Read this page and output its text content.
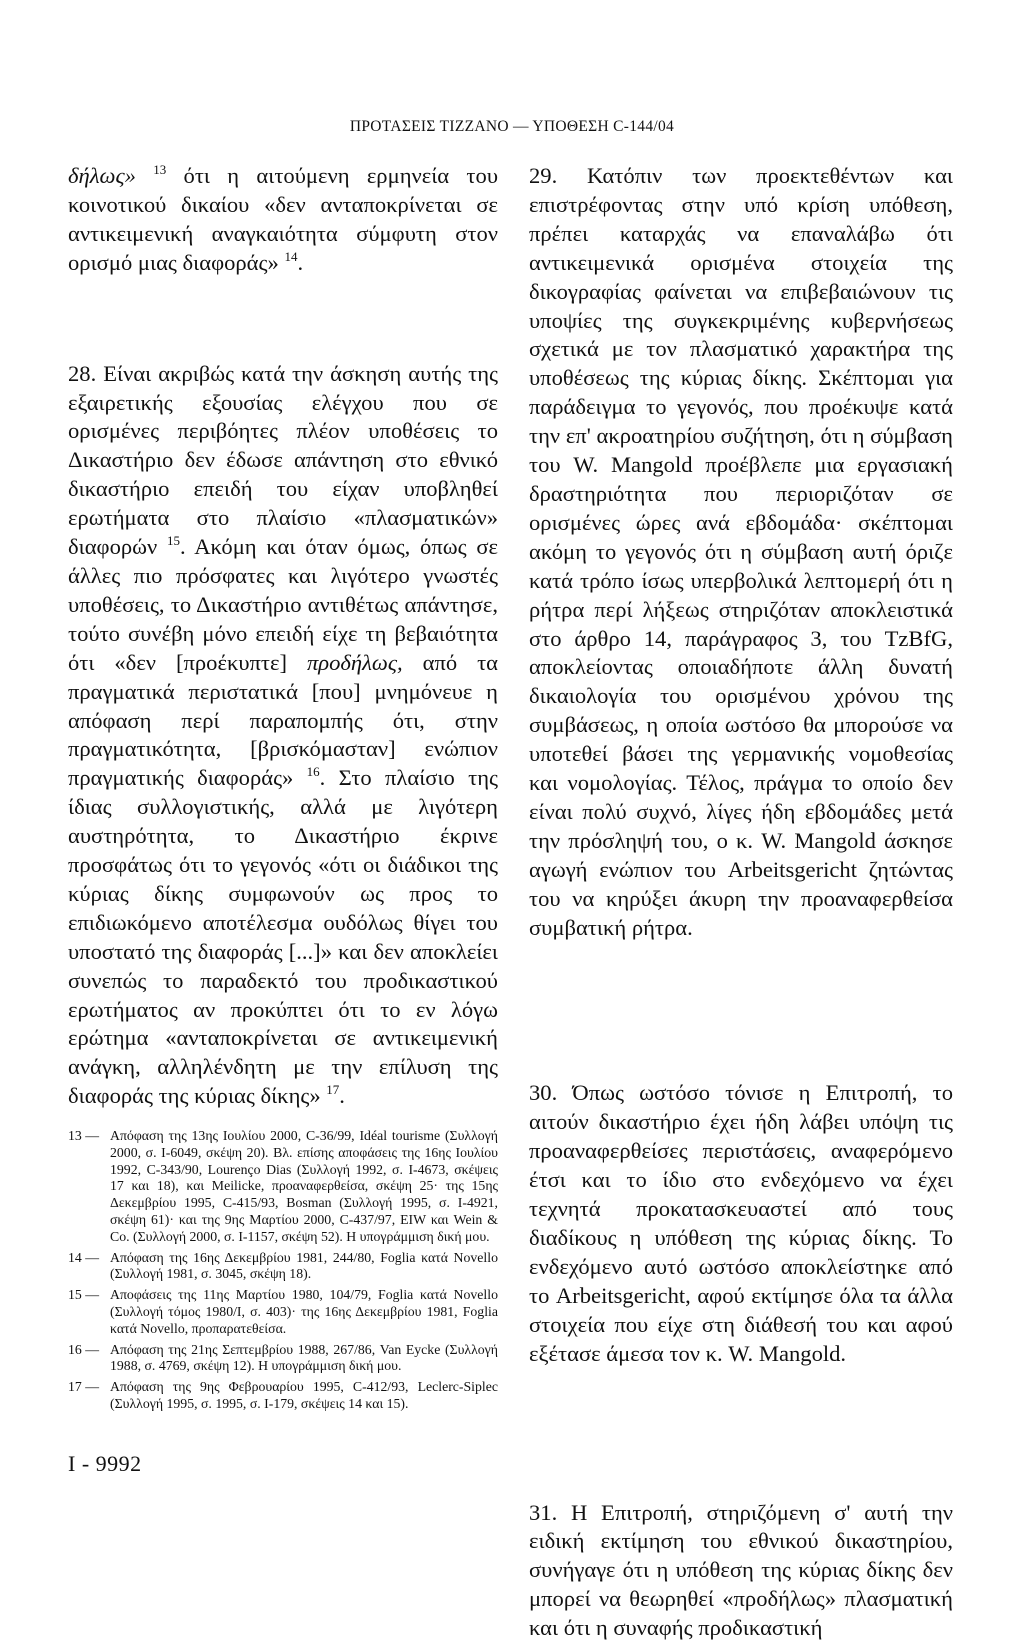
ΠΡΟΤΑΣΕΙΣ ΤΙΖΖΑΝΟ — ΥΠΟΘΕΣΗ C-144/04

δήλως» $^{13}$ ότι η αιτούμενη ερμηνεία του κοινοτικού δικαίου «δεν ανταποκρίνεται σε αντικειμενική αναγκαιότητα σύμφυτη στον ορισμό μιας διαφοράς» $^{14}$.

28. Είναι ακριβώς κατά την άσκηση αυτής της εξαιρετικής εξουσίας ελέγχου που σε ορισμένες περιβόητες πλέον υποθέσεις το Δικαστήριο δεν έδωσε απάντηση στο εθνικό δικαστήριο επειδή του είχαν υποβληθεί ερωτήματα στο πλαίσιο «πλασματικών» διαφορών $^{15}$. Ακόμη και όταν όμως, όπως σε άλλες πιο πρόσφατες και λιγότερο γνωστές υποθέσεις, το Δικαστήριο αντιθέτως απάντησε, τούτο συνέβη μόνο επειδή είχε τη βεβαιότητα ότι «δεν [προέκυπτε] προδήλως, από τα πραγματικά περιστατικά [που] μνημόνευε η απόφαση περί παραπομπής ότι, στην πραγματικότητα, [βρισκόμασταν] ενώπιον πραγματικής διαφοράς» $^{16}$. Στο πλαίσιο της ίδιας συλλογιστικής, αλλά με λιγότερη αυστηρότητα, το Δικαστήριο έκρινε προσφάτως ότι το γεγονός «ότι οι διάδικοι της κύριας δίκης συμφωνούν ως προς το επιδιωκόμενο αποτέλεσμα ουδόλως θίγει του υποστατό της διαφοράς [...]» και δεν αποκλείει συνεπώς το παραδεκτό του προδικαστικού ερωτήματος αν προκύπτει ότι το εν λόγω ερώτημα «ανταποκρίνεται σε αντικειμενική ανάγκη, αλληλένδητη με την επίλυση της διαφοράς της κύριας δίκης» $^{17}$.

29. Κατόπιν των προεκτεθέντων και επιστρέφοντας στην υπό κρίση υπόθεση, πρέπει καταρχάς να επαναλάβω ότι αντικειμενικά ορισμένα στοιχεία της δικογραφίας φαίνεται να επιβεβαιώνουν τις υποψίες της συγκεκριμένης κυβερνήσεως σχετικά με τον πλασματικό χαρακτήρα της υποθέσεως της κύριας δίκης. Σκέπτομαι για παράδειγμα το γεγονός, που προέκυψε κατά την επ' ακροατηρίου συζήτηση, ότι η σύμβαση του W. Mangold προέβλεπε μια εργασιακή δραστηριότητα που περιοριζόταν σε ορισμένες ώρες ανά εβδομάδα· σκέπτομαι ακόμη το γεγονός ότι η σύμβαση αυτή όριζε κατά τρόπο ίσως υπερβολικά λεπτομερή ότι η ρήτρα περί λήξεως στηριζόταν αποκλειστικά στο άρθρο 14, παράγραφος 3, του TzBfG, αποκλείοντας οποιαδήποτε άλλη δυνατή δικαιολογία του ορισμένου χρόνου της συμβάσεως, η οποία ωστόσο θα μπορούσε να υποτεθεί βάσει της γερμανικής νομοθεσίας και νομολογίας. Τέλος, πράγμα το οποίο δεν είναι πολύ συχνό, λίγες ήδη εβδομάδες μετά την πρόσληψή του, ο κ. W. Mangold άσκησε αγωγή ενώπιον του Arbeitsgericht ζητώντας του να κηρύξει άκυρη την προαναφερθείσα συμβατική ρήτρα.

30. Όπως ωστόσο τόνισε η Επιτροπή, το αιτούν δικαστήριο έχει ήδη λάβει υπόψη τις προαναφερθείσες περιστάσεις, αναφερόμενο έτσι και το ίδιο στο ενδεχόμενο να έχει τεχνητά προκατασκευαστεί από τους διαδίκους η υπόθεση της κύριας δίκης. Το ενδεχόμενο αυτό ωστόσο αποκλείστηκε από το Arbeitsgericht, αφού εκτίμησε όλα τα άλλα στοιχεία που είχε στη διάθεσή του και αφού εξέτασε άμεσα τον κ. W. Mangold.

31. Η Επιτροπή, στηριζόμενη σ' αυτή την ειδική εκτίμηση του εθνικού δικαστηρίου, συνήγαγε ότι η υπόθεση της κύριας δίκης δεν μπορεί να θεωρηθεί «προδήλως» πλασματική και ότι η συναφής προδικαστική

13 — Απόφαση της 13ης Ιουλίου 2000, C-36/99, Idéal tourisme (Συλλογή 2000, σ. I-6049, σκέψη 20). Βλ. επίσης αποφάσεις της 16ης Ιουλίου 1992, C-343/90, Lourenço Dias (Συλλογή 1992, σ. I-4673, σκέψεις 17 και 18), και Meilicke, προαναφερθείσα, σκέψη 25· της 15ης Δεκεμβρίου 1995, C-415/93, Bosman (Συλλογή 1995, σ. I-4921, σκέψη 61)· και της 9ης Μαρτίου 2000, C-437/97, EIW και Wein & Co. (Συλλογή 2000, σ. I-1157, σκέψη 52). Η υπογράμμιση δική μου.
14 — Απόφαση της 16ης Δεκεμβρίου 1981, 244/80, Foglia κατά Novello (Συλλογή 1981, σ. 3045, σκέψη 18).
15 — Αποφάσεις της 11ης Μαρτίου 1980, 104/79, Foglia κατά Novello (Συλλογή τόμος 1980/I, σ. 403)· της 16ης Δεκεμβρίου 1981, Foglia κατά Novello, προπαρατεθείσα.
16 — Απόφαση της 21ης Σεπτεμβρίου 1988, 267/86, Van Eycke (Συλλογή 1988, σ. 4769, σκέψη 12). Η υπογράμμιση δική μου.
17 — Απόφαση της 9ης Φεβρουαρίου 1995, C-412/93, Leclerc-Siplec (Συλλογή 1995, σ. 1995, σ. I-179, σκέψεις 14 και 15).
I - 9992
